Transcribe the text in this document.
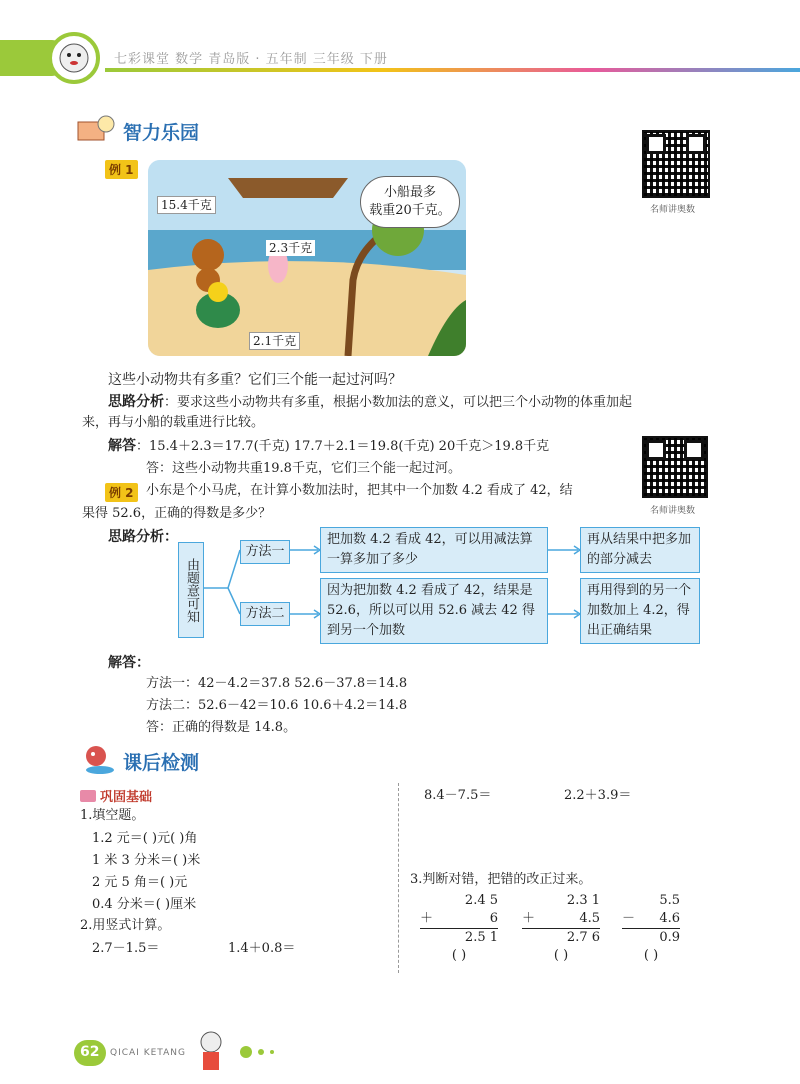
七彩课堂 数学 青岛版 · 五年制 三年级 下册
智力乐园
例 1
15.4千克
2.3千克
2.1千克
小船最多
载重20千克。	名师讲奥数
这些小动物共有多重？它们三个能一起过河吗？
思路分析：要求这些小动物共有多重，根据小数加法的意义，可以把三个小动物的体重加起
来，再与小船的载重进行比较。
解答：15.4＋2.3＝17.7(千克) 17.7＋2.1＝19.8(千克) 20千克＞19.8千克
答：这些小动物共重19.8千克，它们三个能一起过河。
名师讲奥数
例 2 小东是个小马虎，在计算小数加法时，把其中一个加数 4.2 看成了 42，结
果得 52.6，正确的得数是多少？
思路分析：
由题意可知
方法一
方法二
把加数 4.2 看成 42，可以用减法算一算多加了多少
再从结果中把多加的部分减去
因为把加数 4.2 看成了 42，结果是 52.6，所以可以用 52.6 减去 42 得到另一个加数
再用得到的另一个加数加上 4.2，得出正确结果
解答：
方法一：42－4.2＝37.8 52.6－37.8＝14.8
方法二：52.6－42＝10.6 10.6＋4.2＝14.8
答：正确的得数是 14.8。
课后检测
巩固基础
1.填空题。
1.2 元＝( )元( )角
1 米 3 分米＝( )米
2 元 5 角＝( )元
0.4 分米＝( )厘米
2.用竖式计算。
2.7－1.5＝	1.4＋0.8＝
8.4－7.5＝	2.2＋3.9＝
3.判断对错，把错的改正过来。
2.4 5
＋	6
2.5 1
( )
2.3 1
＋	4.5
2.7 6
( )
5.5
－ 4.6
0.9
( )
62 QICAI KETANG
